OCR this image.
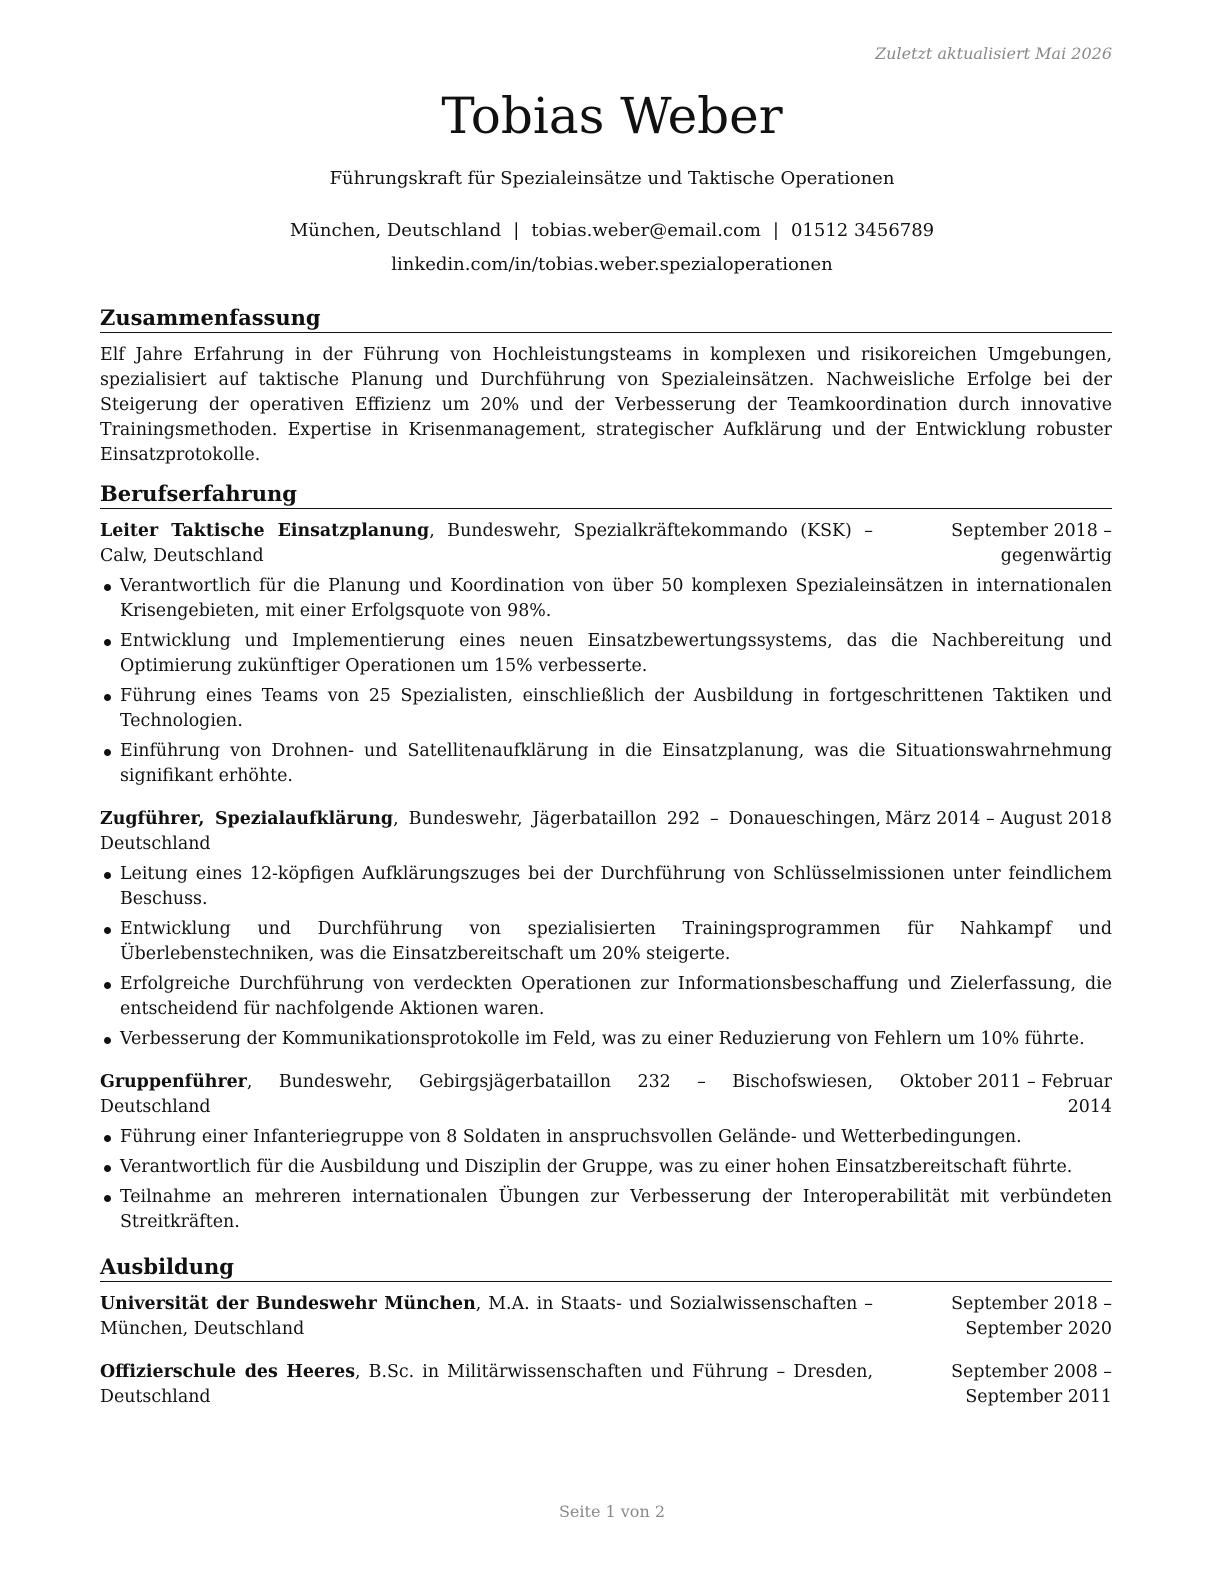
Zuletzt aktualisiert Mai 2026
Tobias Weber
Führungskraft für Spezialeinsätze und Taktische Operationen
München, Deutschland | tobias.weber@email.com | 01512 3456789
linkedin.com/in/tobias.weber.spezialoperationen
Zusammenfassung

Elf Jahre Erfahrung in der Führung von Hochleistungsteams in komplexen und risikoreichen Umgebungen, spezialisiert auf taktische Planung und Durchführung von Spezialeinsätzen. Nachweisliche Erfolge bei der Steigerung der operativen Effizienz um 20% und der Verbesserung der Teamkoordination durch innovative Trainingsmethoden. Expertise in Krisenmanagement, strategischer Aufklärung und der Entwicklung robuster Einsatzprotokolle.

Berufserfahrung
Leiter Taktische Einsatzplanung, Bundeswehr, Spezialkräftekommando (KSK) – Calw, Deutschland
September 2018 – gegenwärtig
Verantwortlich für die Planung und Koordination von über 50 komplexen Spezialeinsätzen in internationalen Krisengebieten, mit einer Erfolgsquote von 98%.
Entwicklung und Implementierung eines neuen Einsatzbewertungssystems, das die Nachbereitung und Optimierung zukünftiger Operationen um 15% verbesserte.
Führung eines Teams von 25 Spezialisten, einschließlich der Ausbildung in fortgeschrittenen Taktiken und Technologien.
Einführung von Drohnen- und Satellitenaufklärung in die Einsatzplanung, was die Situationswahrnehmung signifikant erhöhte.
Zugführer, Spezialaufklärung, Bundeswehr, Jägerbataillon 292 – Donaueschingen, Deutschland
März 2014 – August 2018
Leitung eines 12-köpfigen Aufklärungszuges bei der Durchführung von Schlüsselmissionen unter feindlichem Beschuss.
Entwicklung und Durchführung von spezialisierten Trainingsprogrammen für Nahkampf und Überlebenstechniken, was die Einsatzbereitschaft um 20% steigerte.
Erfolgreiche Durchführung von verdeckten Operationen zur Informationsbeschaffung und Zielerfassung, die entscheidend für nachfolgende Aktionen waren.
Verbesserung der Kommunikationsprotokolle im Feld, was zu einer Reduzierung von Fehlern um 10% führte.
Gruppenführer, Bundeswehr, Gebirgsjägerbataillon 232 – Bischofswiesen, Deutschland
Oktober 2011 – Februar 2014
Führung einer Infanteriegruppe von 8 Soldaten in anspruchsvollen Gelände- und Wetterbedingungen.
Verantwortlich für die Ausbildung und Disziplin der Gruppe, was zu einer hohen Einsatzbereitschaft führte.
Teilnahme an mehreren internationalen Übungen zur Verbesserung der Interoperabilität mit verbündeten Streitkräften.
Ausbildung
Universität der Bundeswehr München, M.A. in Staats- und Sozialwissenschaften – München, Deutschland
September 2018 – September 2020
Offizierschule des Heeres, B.Sc. in Militärwissenschaften und Führung – Dresden, Deutschland
September 2008 – September 2011
Seite 1 von 2
